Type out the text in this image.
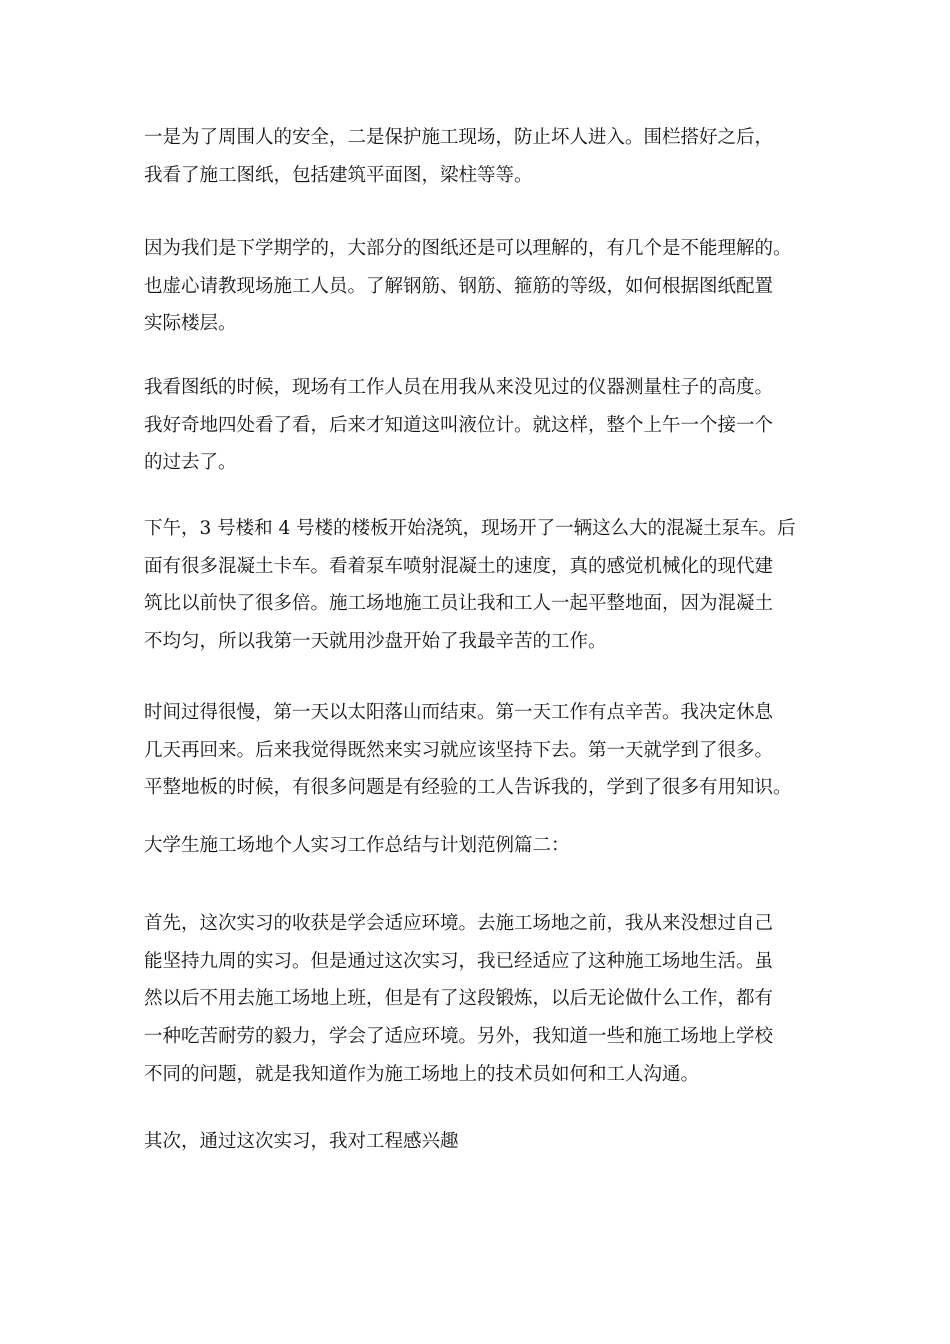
一是为了周围人的安全，二是保护施工现场，防止坏人进入。围栏搭好之后，
我看了施工图纸，包括建筑平面图，梁柱等等。

因为我们是下学期学的，大部分的图纸还是可以理解的，有几个是不能理解的。
也虚心请教现场施工人员。了解钢筋、钢筋、箍筋的等级，如何根据图纸配置
实际楼层。

我看图纸的时候，现场有工作人员在用我从来没见过的仪器测量柱子的高度。
我好奇地四处看了看，后来才知道这叫液位计。就这样，整个上午一个接一个
的过去了。

下午，3 号楼和 4 号楼的楼板开始浇筑，现场开了一辆这么大的混凝土泵车。后
面有很多混凝土卡车。看着泵车喷射混凝土的速度，真的感觉机械化的现代建
筑比以前快了很多倍。施工场地施工员让我和工人一起平整地面，因为混凝土
不均匀，所以我第一天就用沙盘开始了我最辛苦的工作。

时间过得很慢，第一天以太阳落山而结束。第一天工作有点辛苦。我决定休息
几天再回来。后来我觉得既然来实习就应该坚持下去。第一天就学到了很多。
平整地板的时候，有很多问题是有经验的工人告诉我的，学到了很多有用知识。

大学生施工场地个人实习工作总结与计划范例篇二：

首先，这次实习的收获是学会适应环境。去施工场地之前，我从来没想过自己
能坚持九周的实习。但是通过这次实习，我已经适应了这种施工场地生活。虽
然以后不用去施工场地上班，但是有了这段锻炼，以后无论做什么工作，都有
一种吃苦耐劳的毅力，学会了适应环境。另外，我知道一些和施工场地上学校
不同的问题，就是我知道作为施工场地上的技术员如何和工人沟通。

其次，通过这次实习，我对工程感兴趣
